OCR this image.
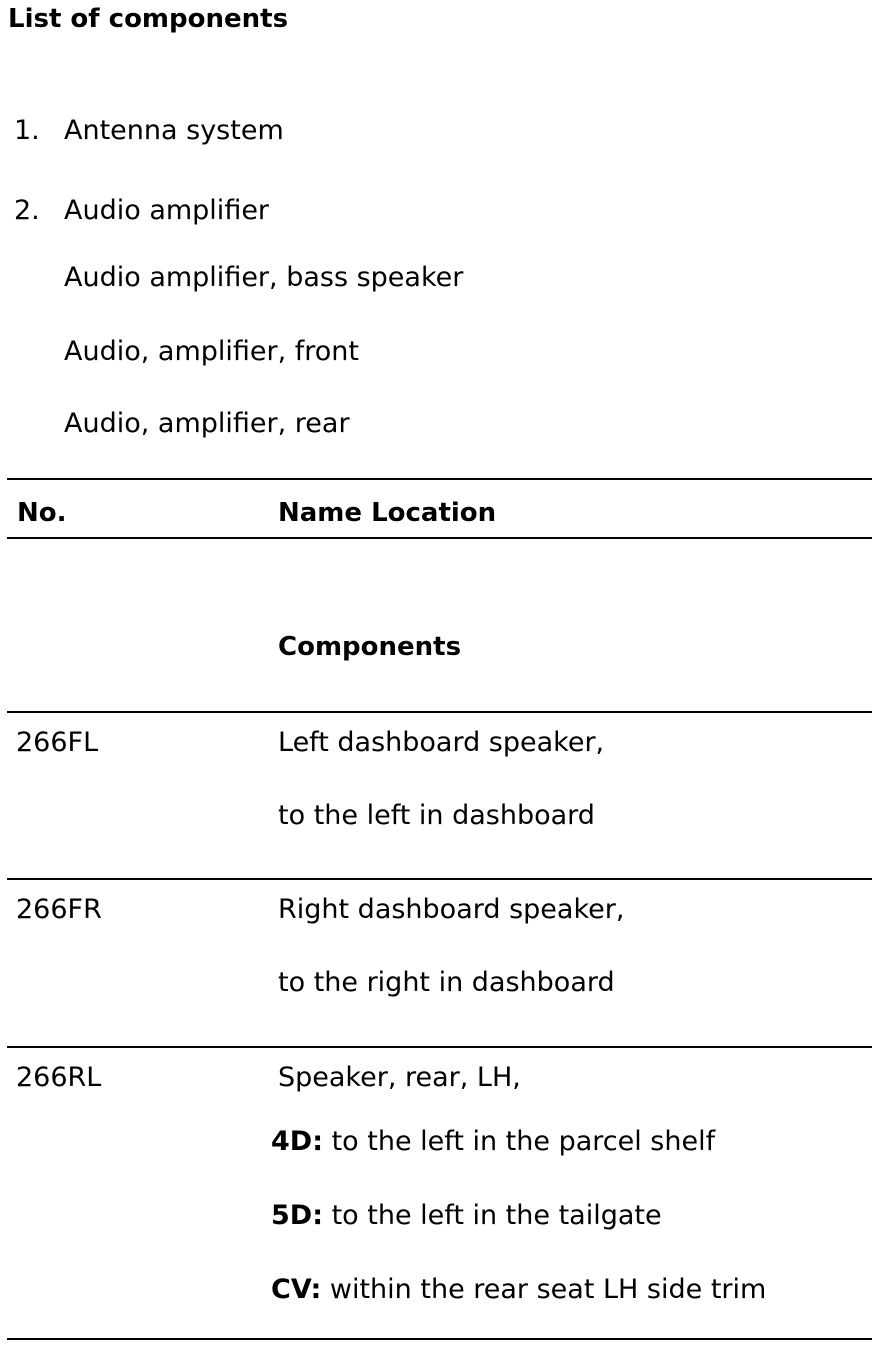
List of components
1. Antenna system
2. Audio amplifier
Audio amplifier, bass speaker
Audio, amplifier, front
Audio, amplifier, rear
No.	Name Location
Components
266FL	Left dashboard speaker,
to the left in dashboard
266FR	Right dashboard speaker,
to the right in dashboard
266RL	Speaker, rear, LH,
4D: to the left in the parcel shelf
5D: to the left in the tailgate
CV: within the rear seat LH side trim
